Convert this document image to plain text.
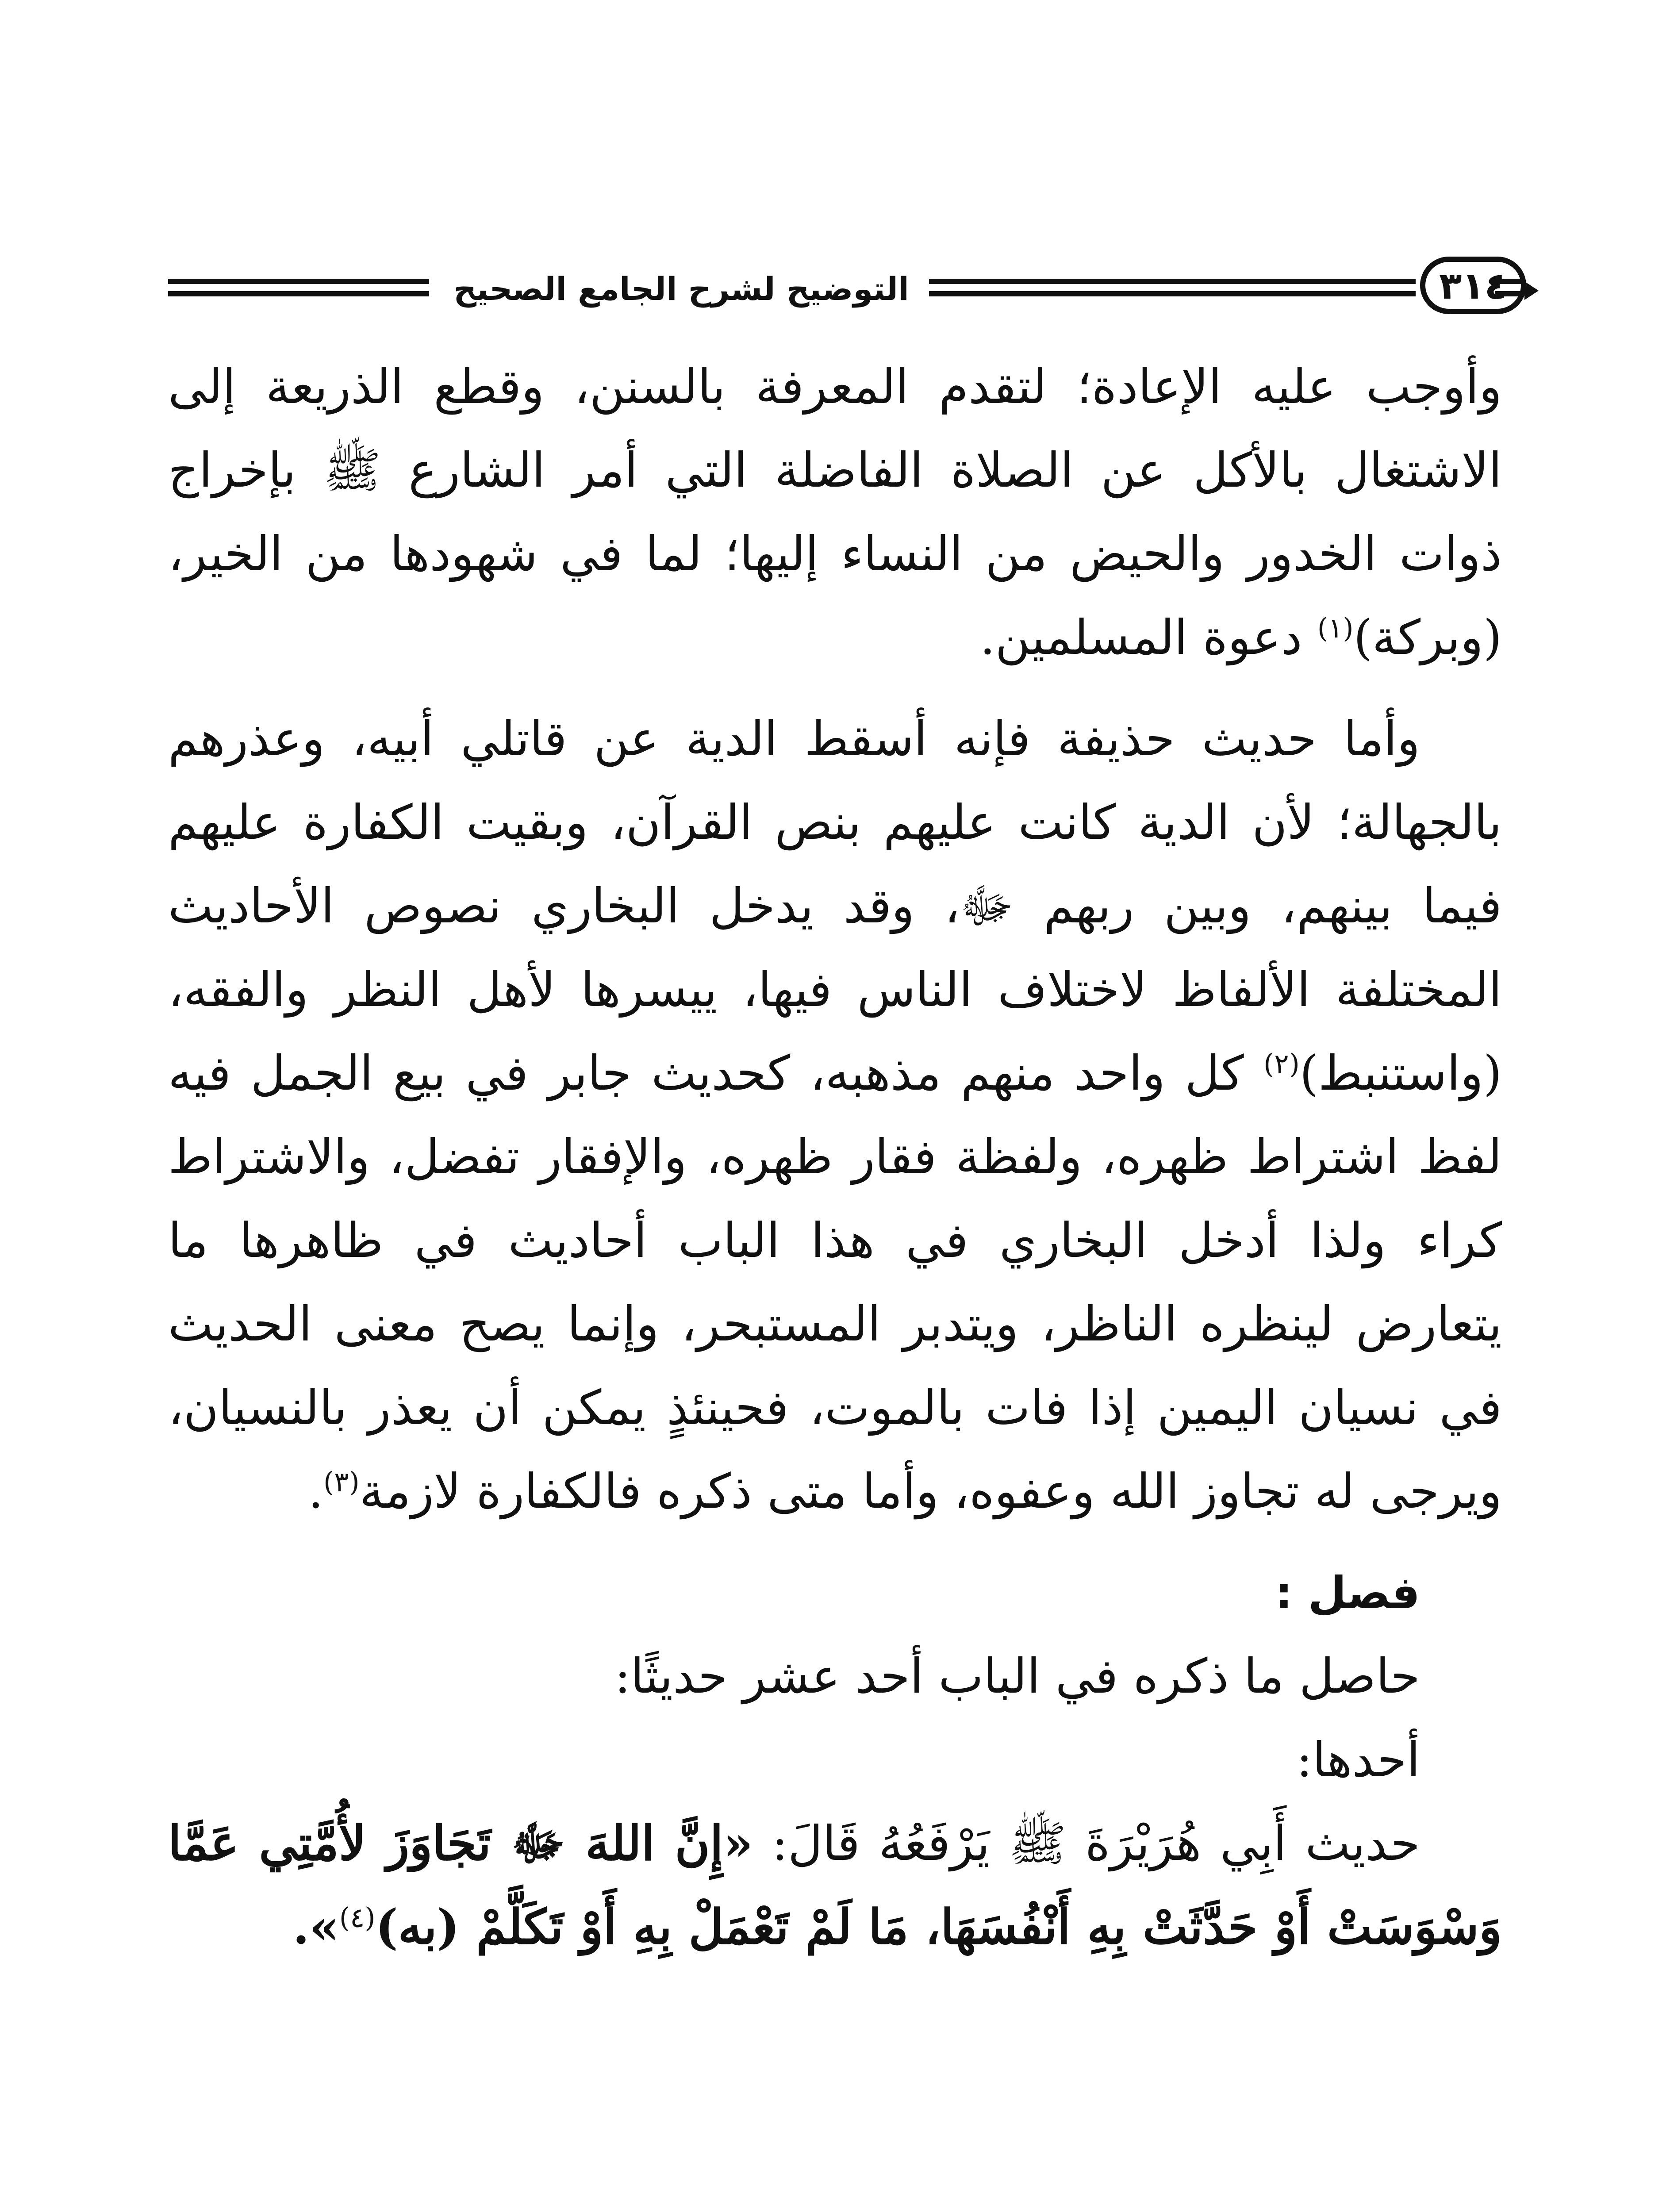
التوضيح لشرح الجامع الصحيح	٣١٤

وأوجب عليه الإعادة؛ لتقدم المعرفة بالسنن، وقطع الذريعة إلى الاشتغال بالأكل عن الصلاة الفاضلة التي أمر الشارع ﷺ بإخراج ذوات الخدور والحيض من النساء إليها؛ لما في شهودها من الخير، (وبركة)$^{(١)}$ دعوة المسلمين.

وأما حديث حذيفة فإنه أسقط الدية عن قاتلي أبيه، وعذرهم بالجهالة؛ لأن الدية كانت عليهم بنص القرآن، وبقيت الكفارة عليهم فيما بينهم، وبين ربهم ﷻ، وقد يدخل البخاري نصوص الأحاديث المختلفة الألفاظ لاختلاف الناس فيها، ييسرها لأهل النظر والفقه، (واستنبط)$^{(٢)}$ كل واحد منهم مذهبه، كحديث جابر في بيع الجمل فيه لفظ اشتراط ظهره، ولفظة فقار ظهره، والإفقار تفضل، والاشتراط كراء ولذا أدخل البخاري في هذا الباب أحاديث في ظاهرها ما يتعارض لينظره الناظر، ويتدبر المستبحر، وإنما يصح معنى الحديث في نسيان اليمين إذا فات بالموت، فحينئذٍ يمكن أن يعذر بالنسيان، ويرجى له تجاوز الله وعفوه، وأما متى ذكره فالكفارة لازمة$^{(٣)}$.

فصل :

حاصل ما ذكره في الباب أحد عشر حديثًا:

أحدها:

حديث أَبِي هُرَيْرَةَ ﷺ يَرْفَعُهُ قَالَ: «إِنَّ اللهَ ﷻ تَجَاوَزَ لأُمَّتِي عَمَّا وَسْوَسَتْ أَوْ حَدَّثَتْ بِهِ أَنْفُسَهَا، مَا لَمْ تَعْمَلْ بِهِ أَوْ تَكَلَّمْ (به)$^{(٤)}$».
